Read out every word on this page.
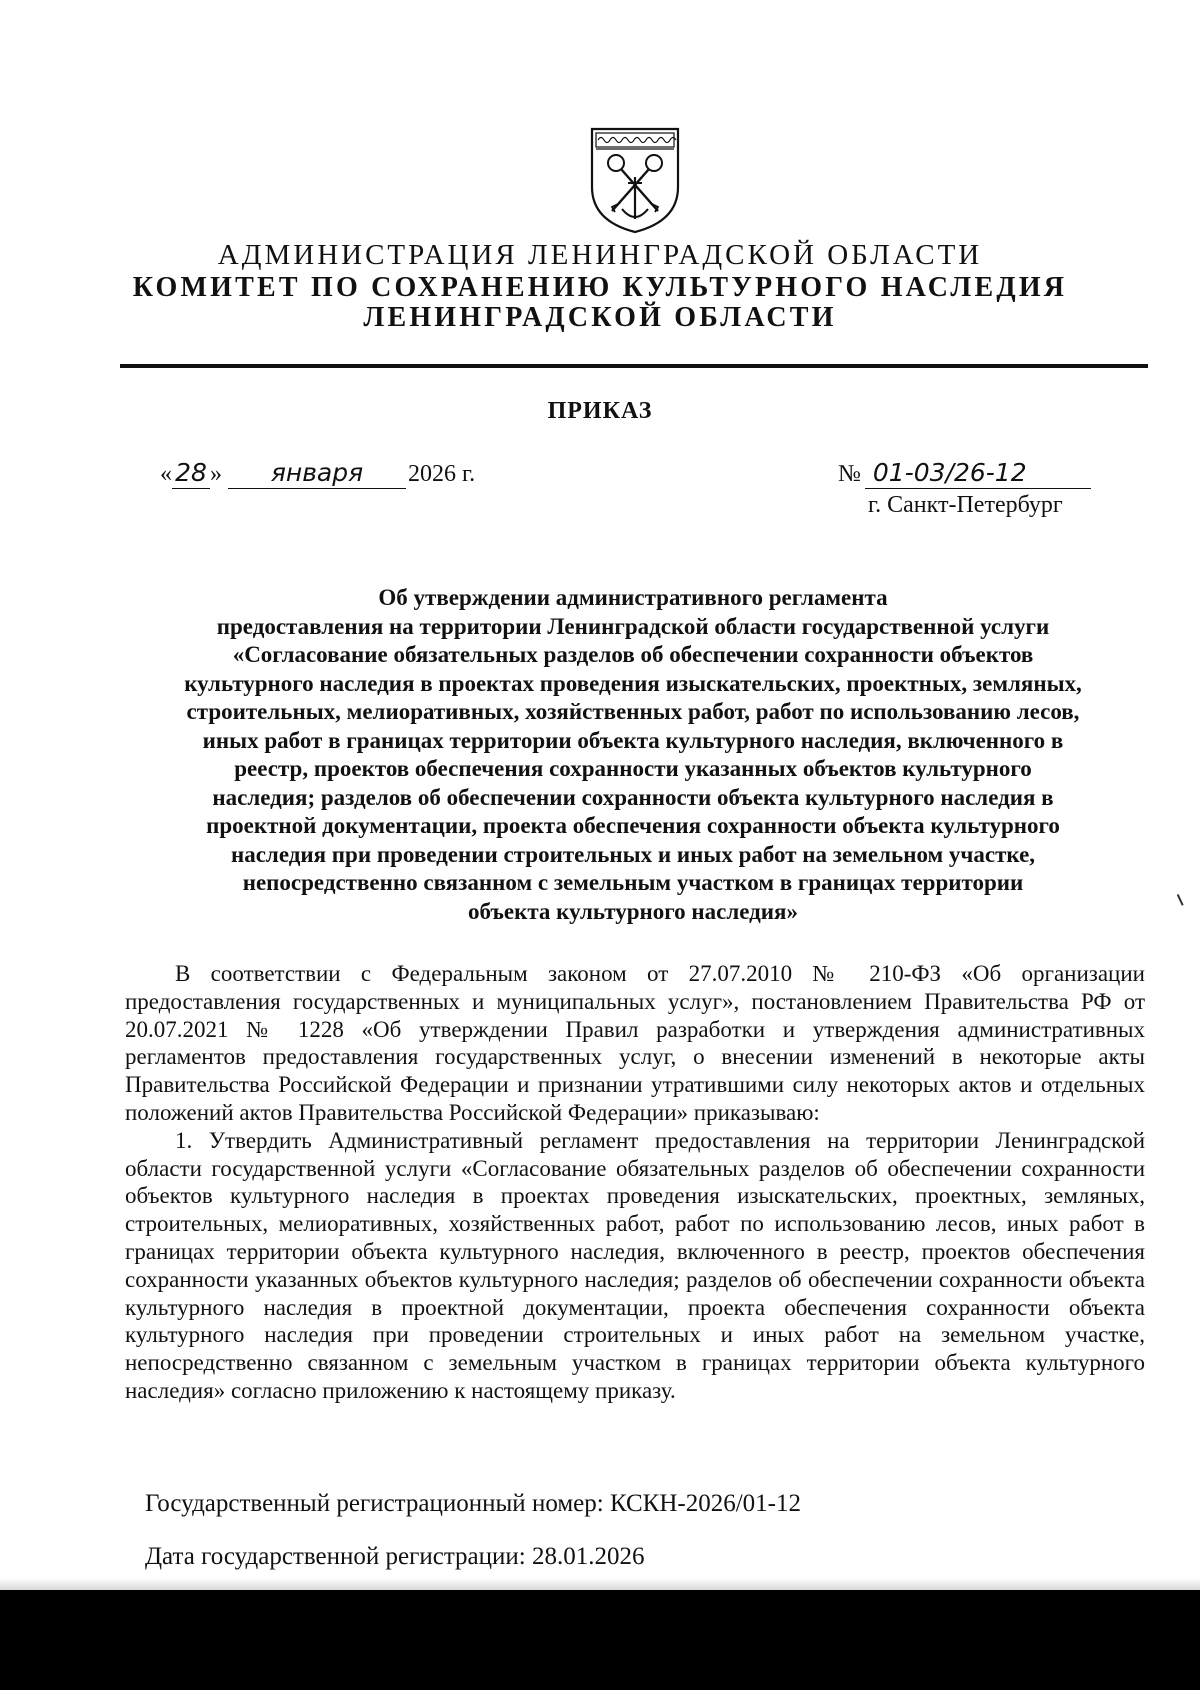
АДМИНИСТРАЦИЯ ЛЕНИНГРАДСКОЙ ОБЛАСТИ
КОМИТЕТ ПО СОХРАНЕНИЮ КУЛЬТУРНОГО НАСЛЕДИЯ
ЛЕНИНГРАДСКОЙ ОБЛАСТИ
ПРИКАЗ
« 28 » января 2026 г.	№ 01-03/26-12
г. Санкт-Петербург

Об утверждении административного регламента
предоставления на территории Ленинградской области государственной услуги
«Согласование обязательных разделов об обеспечении сохранности объектов
культурного наследия в проектах проведения изыскательских, проектных, земляных,
строительных, мелиоративных, хозяйственных работ, работ по использованию лесов,
иных работ в границах территории объекта культурного наследия, включенного в
реестр, проектов обеспечения сохранности указанных объектов культурного
наследия; разделов об обеспечении сохранности объекта культурного наследия в
проектной документации, проекта обеспечения сохранности объекта культурного
наследия при проведении строительных и иных работ на земельном участке,
непосредственно связанном с земельным участком в границах территории
объекта культурного наследия»

В соответствии с Федеральным законом от 27.07.2010 № 210-ФЗ «Об организации предоставления государственных и муниципальных услуг», постановлением Правительства РФ от 20.07.2021 № 1228 «Об утверждении Правил разработки и утверждения административных регламентов предоставления государственных услуг, о внесении изменений в некоторые акты Правительства Российской Федерации и признании утратившими силу некоторых актов и отдельных положений актов Правительства Российской Федерации» приказываю:

1. Утвердить Административный регламент предоставления на территории Ленинградской области государственной услуги «Согласование обязательных разделов об обеспечении сохранности объектов культурного наследия в проектах проведения изыскательских, проектных, земляных, строительных, мелиоративных, хозяйственных работ, работ по использованию лесов, иных работ в границах территории объекта культурного наследия, включенного в реестр, проектов обеспечения сохранности указанных объектов культурного наследия; разделов об обеспечении сохранности объекта культурного наследия в проектной документации, проекта обеспечения сохранности объекта культурного наследия при проведении строительных и иных работ на земельном участке, непосредственно связанном с земельным участком в границах территории объекта культурного наследия» согласно приложению к настоящему приказу.

Государственный регистрационный номер: КСКН-2026/01-12
Дата государственной регистрации: 28.01.2026
